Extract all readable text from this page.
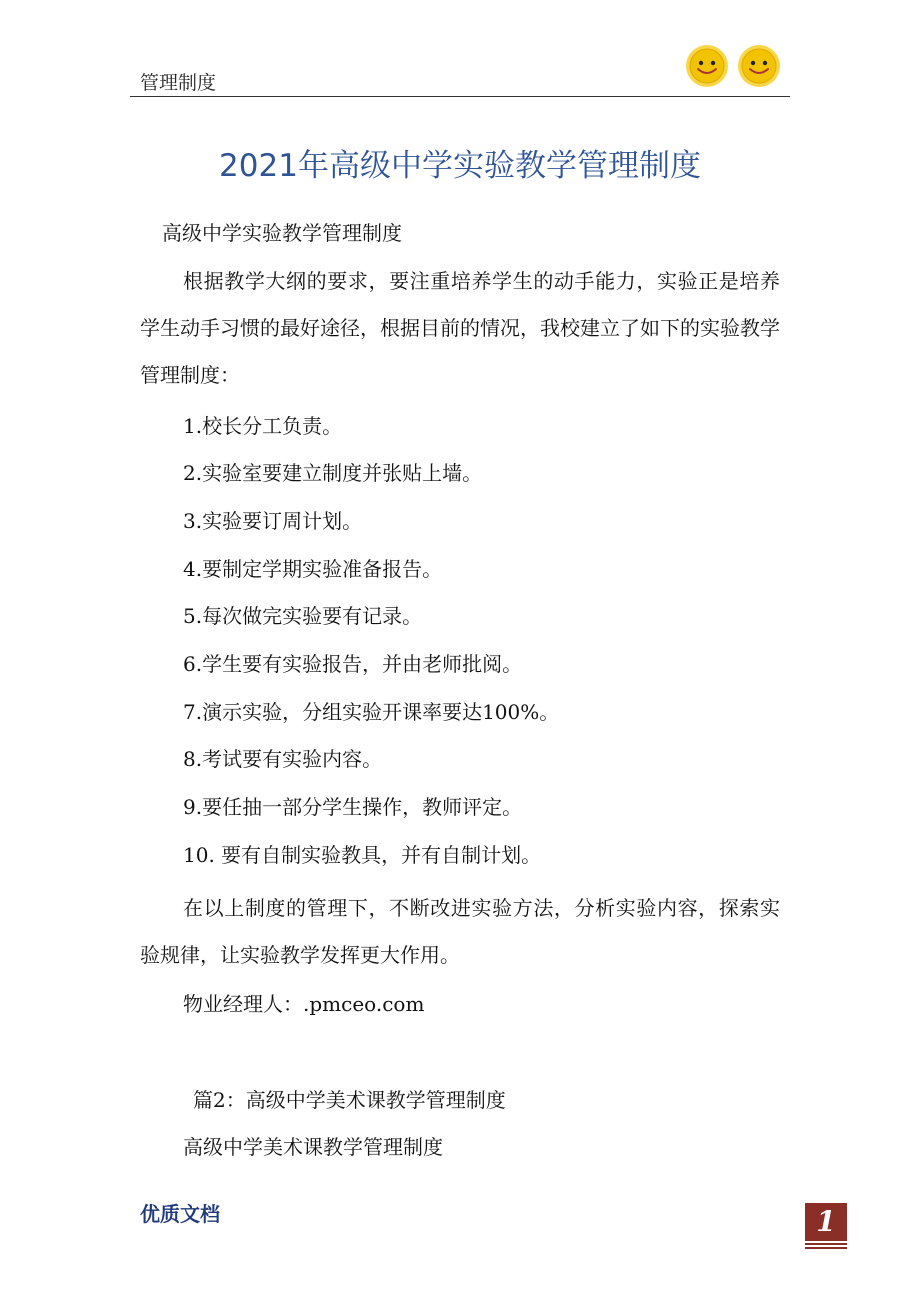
管理制度
2021年高级中学实验教学管理制度
高级中学实验教学管理制度
根据教学大纲的要求，要注重培养学生的动手能力，实验正是培养学生动手习惯的最好途径，根据目前的情况，我校建立了如下的实验教学管理制度：
1.校长分工负责。
2.实验室要建立制度并张贴上墙。
3.实验要订周计划。
4.要制定学期实验准备报告。
5.每次做完实验要有记录。
6.学生要有实验报告，并由老师批阅。
7.演示实验，分组实验开课率要达100%。
8.考试要有实验内容。
9.要任抽一部分学生操作，教师评定。
10. 要有自制实验教具，并有自制计划。
在以上制度的管理下，不断改进实验方法，分析实验内容，探索实验规律，让实验教学发挥更大作用。
物业经理人：.pmceo.com
篇2：高级中学美术课教学管理制度
高级中学美术课教学管理制度
优质文档	1
